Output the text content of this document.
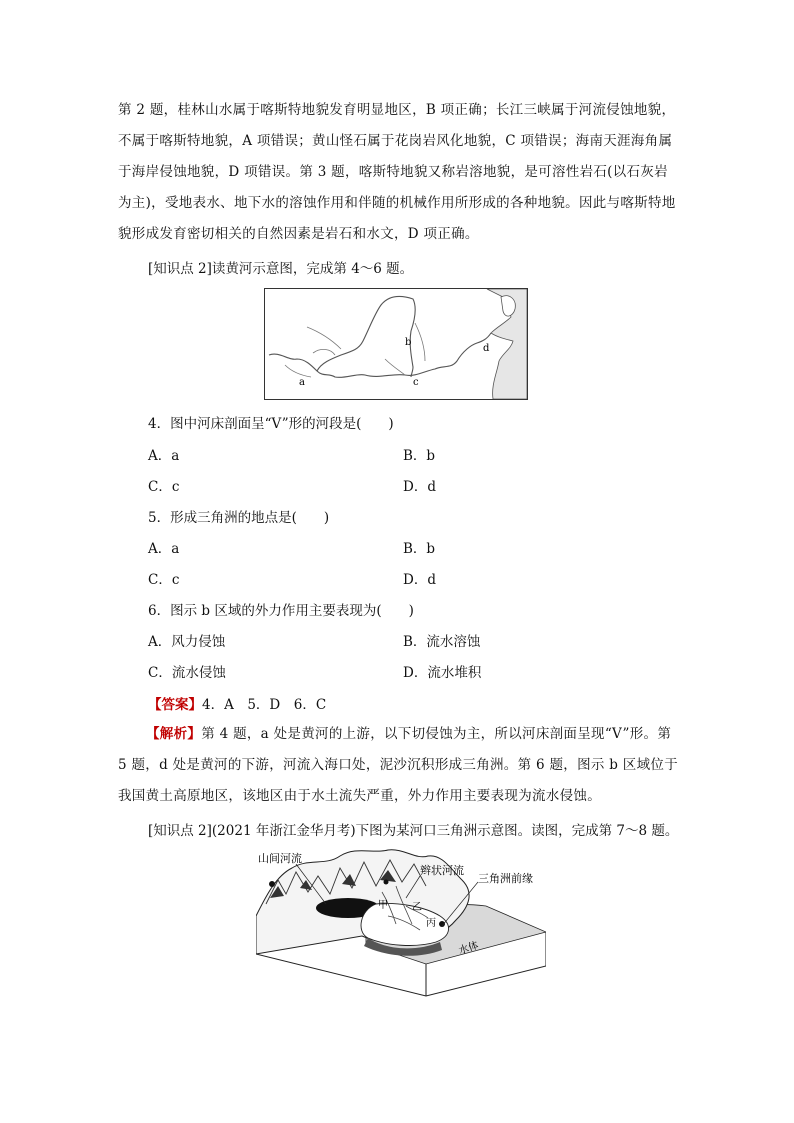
第 2 题，桂林山水属于喀斯特地貌发育明显地区，B 项正确；长江三峡属于河流侵蚀地貌，不属于喀斯特地貌，A 项错误；黄山怪石属于花岗岩风化地貌，C 项错误；海南天涯海角属于海岸侵蚀地貌，D 项错误。第 3 题，喀斯特地貌又称岩溶地貌，是可溶性岩石(以石灰岩为主)，受地表水、地下水的溶蚀作用和伴随的机械作用所形成的各种地貌。因此与喀斯特地貌形成发育密切相关的自然因素是岩石和水文，D 项正确。
[知识点 2]读黄河示意图，完成第 4～6 题。
a
b
c
d
4．图中河床剖面呈“V”形的河段是(　　)
A．a	B．b
C．c	D．d
5．形成三角洲的地点是(　　)
A．a	B．b
C．c	D．d
6．图示 b 区域的外力作用主要表现为(　　)
A．风力侵蚀	B．流水溶蚀
C．流水侵蚀	D．流水堆积
【答案】4．A　5．D　6．C
【解析】第 4 题，a 处是黄河的上游，以下切侵蚀为主，所以河床剖面呈现“V”形。第 5 题，d 处是黄河的下游，河流入海口处，泥沙沉积形成三角洲。第 6 题，图示 b 区域位于我国黄土高原地区，该地区由于水土流失严重，外力作用主要表现为流水侵蚀。
[知识点 2](2021 年浙江金华月考)下图为某河口三角洲示意图。读图，完成第 7～8 题。
山间河流
辫状河流
三角洲前缘
甲 乙
丙
水体
